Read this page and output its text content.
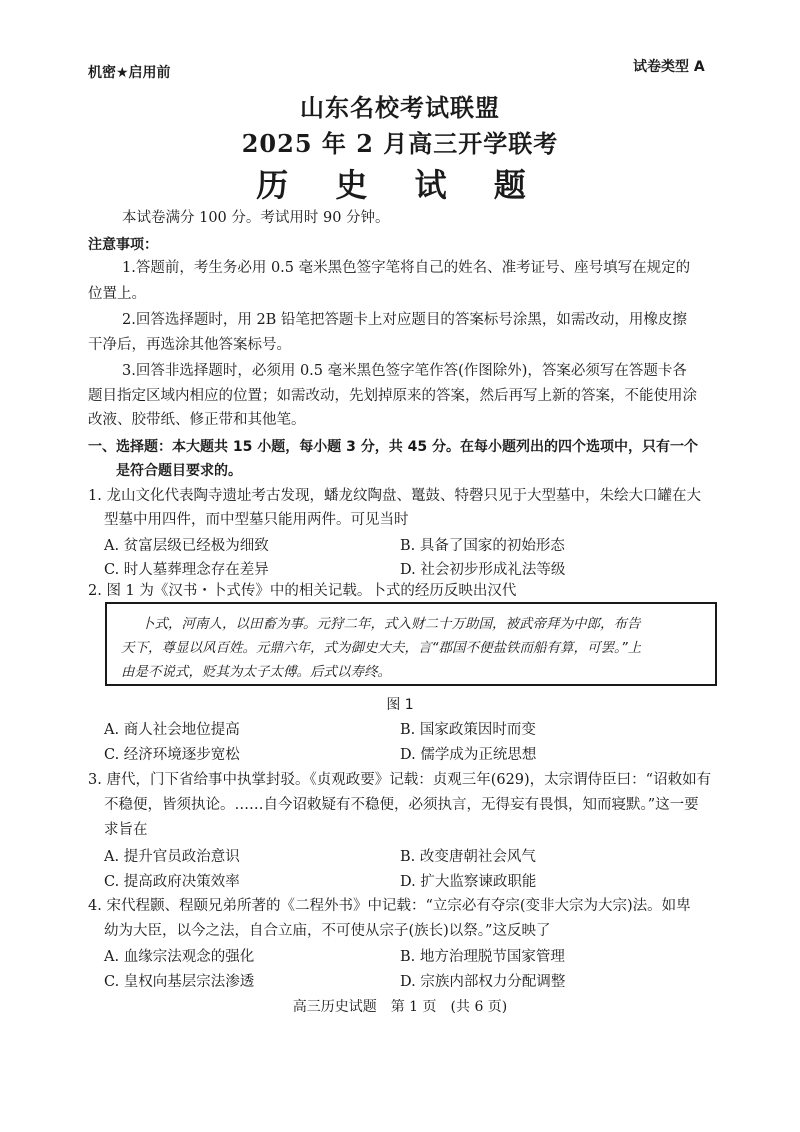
机密★启用前	试卷类型 A
山东名校考试联盟
2025 年 2 月高三开学联考
历 史 试 题
本试卷满分 100 分。考试用时 90 分钟。
注意事项：
1.答题前，考生务必用 0.5 毫米黑色签字笔将自己的姓名、准考证号、座号填写在规定的
位置上。
2.回答选择题时，用 2B 铅笔把答题卡上对应题目的答案标号涂黑，如需改动，用橡皮擦
干净后，再选涂其他答案标号。
3.回答非选择题时，必须用 0.5 毫米黑色签字笔作答(作图除外)，答案必须写在答题卡各
题目指定区域内相应的位置；如需改动，先划掉原来的答案，然后再写上新的答案，不能使用涂
改液、胶带纸、修正带和其他笔。
一、选择题：本大题共 15 小题，每小题 3 分，共 45 分。在每小题列出的四个选项中，只有一个
是符合题目要求的。
1. 龙山文化代表陶寺遗址考古发现，蟠龙纹陶盘、鼍鼓、特磬只见于大型墓中，朱绘大口罐在大
型墓中用四件，而中型墓只能用两件。可见当时
A. 贫富层级已经极为细致	B. 具备了国家的初始形态
C. 时人墓葬理念存在差异	D. 社会初步形成礼法等级
2. 图 1 为《汉书・卜式传》中的相关记载。卜式的经历反映出汉代
卜式，河南人，以田畜为事。元狩二年，式入财二十万助国，被武帝拜为中郎，布告
天下，尊显以风百姓。元鼎六年，式为御史大夫，言“郡国不便盐铁而船有算，可罢。”上
由是不说式，贬其为太子太傅。后式以寿终。
图 1
A. 商人社会地位提高	B. 国家政策因时而变
C. 经济环境逐步宽松	D. 儒学成为正统思想
3. 唐代，门下省给事中执掌封驳。《贞观政要》记载：贞观三年(629)，太宗谓侍臣曰：“诏敕如有
不稳便，皆须执论。……自今诏敕疑有不稳便，必须执言，无得妄有畏惧，知而寝默。”这一要
求旨在
A. 提升官员政治意识	B. 改变唐朝社会风气
C. 提高政府决策效率	D. 扩大监察谏政职能
4. 宋代程颢、程颐兄弟所著的《二程外书》中记载：“立宗必有夺宗(变非大宗为大宗)法。如卑
幼为大臣，以今之法，自合立庙，不可使从宗子(族长)以祭。”这反映了
A. 血缘宗法观念的强化	B. 地方治理脱节国家管理
C. 皇权向基层宗法渗透	D. 宗族内部权力分配调整
高三历史试题　第 1 页　(共 6 页)
